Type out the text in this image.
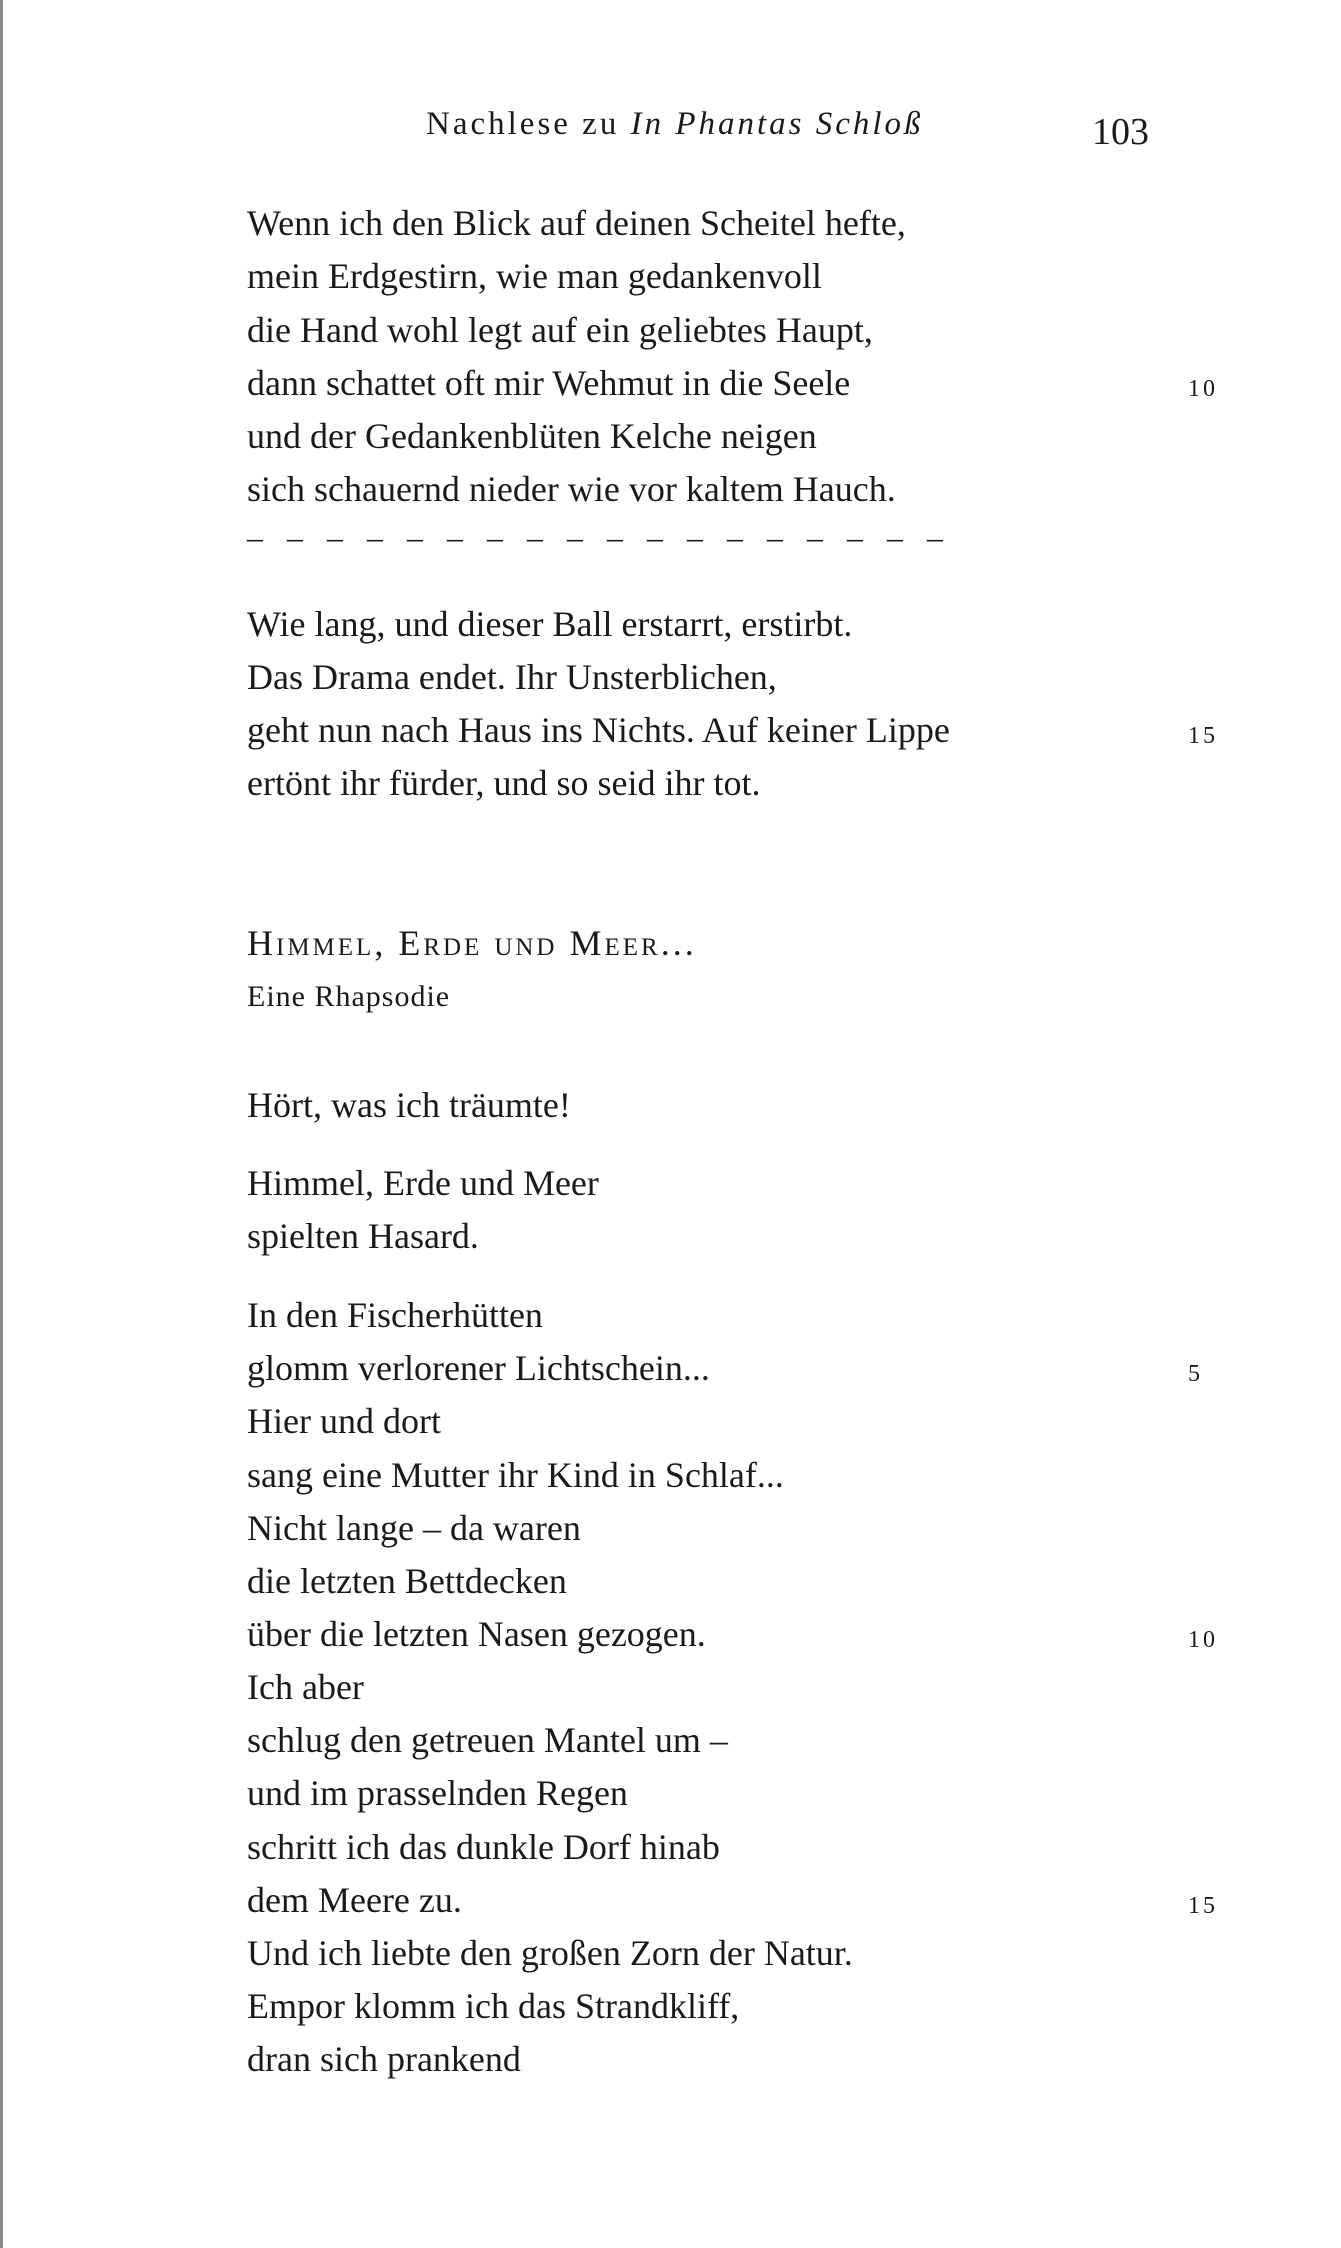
Nachlese zu In Phantas Schloß	103
Wenn ich den Blick auf deinen Scheitel hefte,
mein Erdgestirn, wie man gedankenvoll
die Hand wohl legt auf ein geliebtes Haupt,
dann schattet oft mir Wehmut in die Seele	10
und der Gedankenblüten Kelche neigen
sich schauernd nieder wie vor kaltem Hauch.
– – – – – – – – – – – – – – – – – –
Wie lang, und dieser Ball erstarrt, erstirbt.
Das Drama endet. Ihr Unsterblichen,
geht nun nach Haus ins Nichts. Auf keiner Lippe	15
ertönt ihr fürder, und so seid ihr tot.
Himmel, Erde und Meer...
Eine Rhapsodie
Hört, was ich träumte!
Himmel, Erde und Meer
spielten Hasard.
In den Fischerhütten
glomm verlorener Lichtschein...	5
Hier und dort
sang eine Mutter ihr Kind in Schlaf...
Nicht lange – da waren
die letzten Bettdecken
über die letzten Nasen gezogen.	10
Ich aber
schlug den getreuen Mantel um –
und im prasselnden Regen
schritt ich das dunkle Dorf hinab
dem Meere zu.	15
Und ich liebte den großen Zorn der Natur.
Empor klomm ich das Strandkliff,
dran sich prankend
